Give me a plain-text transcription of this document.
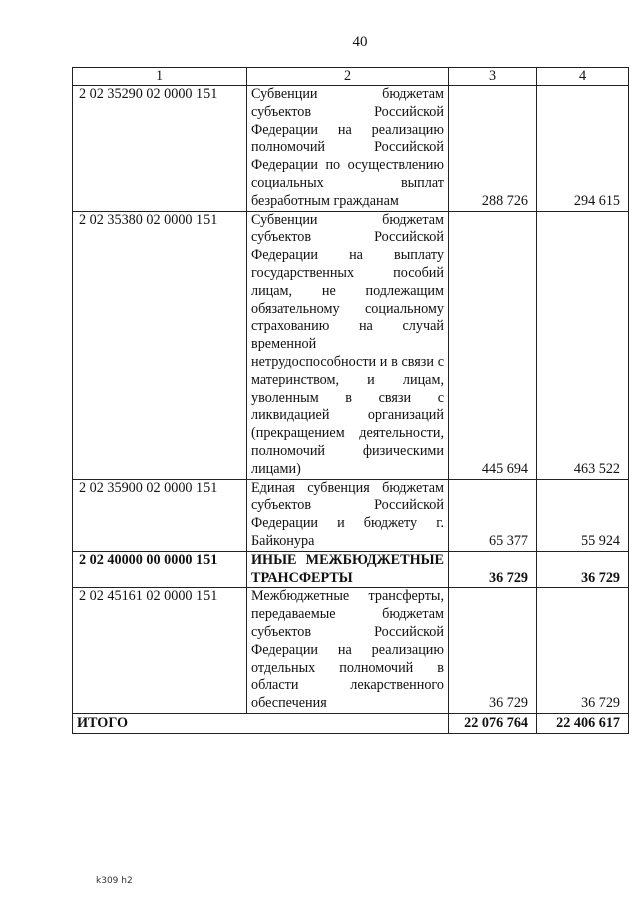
40
1	2	3	4
2 02 35290 02 0000 151	Субвенции бюджетам субъектов Российской Федерации на реализацию полномочий Российской Федерации по осуществлению социальных выплат безработным гражданам	288 726	294 615
2 02 35380 02 0000 151	Субвенции бюджетам субъектов Российской Федерации на выплату государственных пособий лицам, не подлежащим обязательному социальному страхованию на случай временной нетрудоспособности и в связи с материнством, и лицам, уволенным в связи с ликвидацией организаций (прекращением деятельности, полномочий физическими лицами)	445 694	463 522
2 02 35900 02 0000 151	Единая субвенция бюджетам субъектов Российской Федерации и бюджету г. Байконура	65 377	55 924
2 02 40000 00 0000 151	ИНЫЕ МЕЖБЮДЖЕТНЫЕ ТРАНСФЕРТЫ	36 729	36 729
2 02 45161 02 0000 151	Межбюджетные трансферты, передаваемые бюджетам субъектов Российской Федерации на реализацию отдельных полномочий в области лекарственного обеспечения	36 729	36 729
ИТОГО		22 076 764	22 406 617
k309 h2
